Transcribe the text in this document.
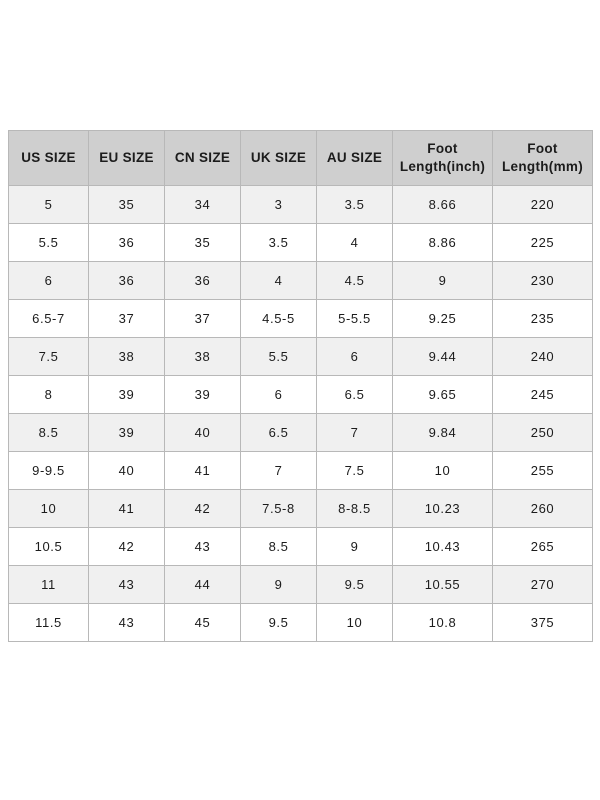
US SIZE	EU SIZE	CN SIZE	UK SIZE	AU SIZE	Foot Length(inch)	Foot Length(mm)
5	35	34	3	3.5	8.66	220
5.5	36	35	3.5	4	8.86	225
6	36	36	4	4.5	9	230
6.5-7	37	37	4.5-5	5-5.5	9.25	235
7.5	38	38	5.5	6	9.44	240
8	39	39	6	6.5	9.65	245
8.5	39	40	6.5	7	9.84	250
9-9.5	40	41	7	7.5	10	255
10	41	42	7.5-8	8-8.5	10.23	260
10.5	42	43	8.5	9	10.43	265
11	43	44	9	9.5	10.55	270
11.5	43	45	9.5	10	10.8	375
